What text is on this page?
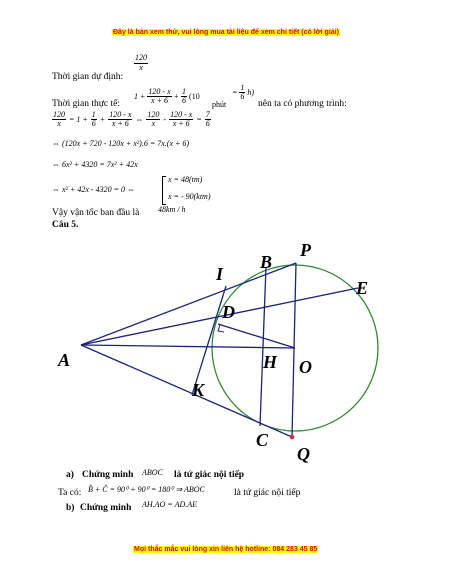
Đây là bản xem thử, vui lòng mua tài liệu để xem chi tiết (có lời giải)
Thời gian dự định:
$\frac{120}{x}$
Thời gian thực tế:
$1 + \frac{120 - x}{x + 6} + \frac{1}{6} (10$
phút
= $\frac{1}{6} h$)
nên ta có phương trình:
$\frac{120}{x} = 1 + \frac{1}{6} + \frac{120 - x}{x + 6}$ ⇔ $\frac{120}{x} - \frac{120 - x}{x + 6} = \frac{7}{6}$
⇔ (120x + 720 - 120x + x²).6 = 7x.(x + 6)
⇔ 6x² + 4320 = 7x² + 42x
⇔ x² + 42x - 4320 = 0 ⇔
x = 48(tm)
x = - 90(ktm)
Vậy vận tốc ban đầu là 48km / h
Câu 5.
A
B
P
I
E
D
H O
K
C
Q
a) Chứng minh ABOC là tứ giác nội tiếp
Ta có: B̂ + Ĉ = 90⁰ + 90⁰ = 180⁰ ⇒ ABOC	là tứ giác nội tiếp
b) Chứng minh AH.AO = AD.AE
Mọi thắc mắc vui lòng xin liên hệ hotline: 084 283 45 85
